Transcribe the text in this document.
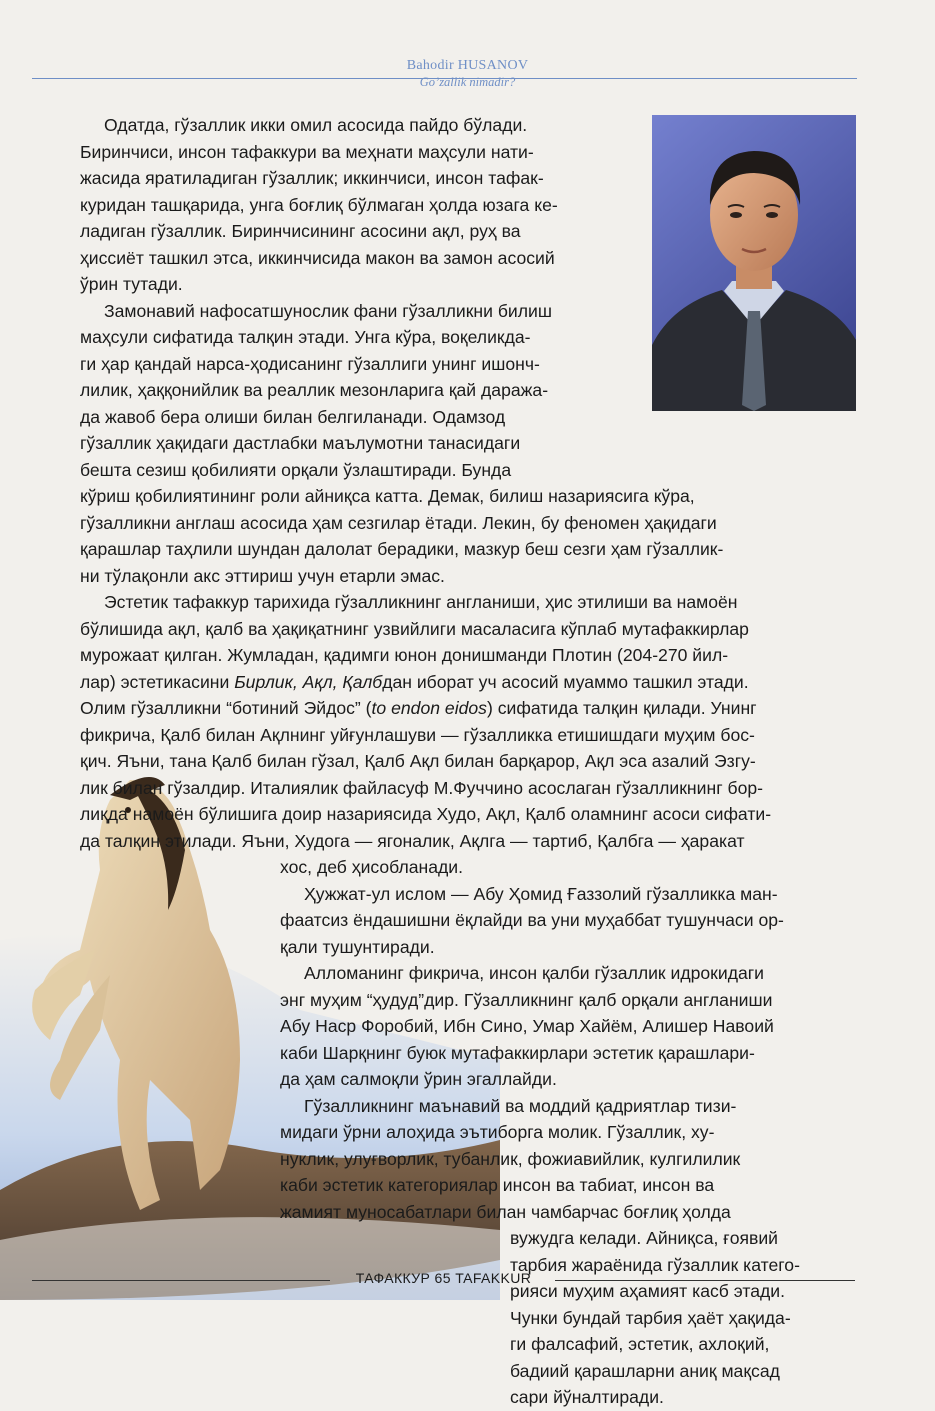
Bahodir HUSANOV
Go’zallik nimadir?

Одатда, гўзаллик икки омил асосида пайдо бўлади.
Биринчиси, инсон тафаккури ва меҳнати маҳсули нати-
жасида яратиладиган гўзаллик; иккинчиси, инсон тафак-
куридан ташқарида, унга боғлиқ бўлмаган ҳолда юзага ке-
ладиган гўзаллик. Биринчисининг асосини ақл, руҳ ва
ҳиссиёт ташкил этса, иккинчисида макон ва замон асосий
ўрин тутади.

Замонавий нафосатшунослик фани гўзалликни билиш
маҳсули сифатида талқин этади. Унга кўра, воқеликда-
ги ҳар қандай нарса-ҳодисанинг гўзаллиги унинг ишонч-
лилик, ҳаққонийлик ва реаллик мезонларига қай даража-
да жавоб бера олиши билан белгиланади. Одамзод
гўзаллик ҳақидаги дастлабки маълумотни танасидаги
бешта сезиш қобилияти орқали ўзлаштиради. Бунда
кўриш қобилиятининг роли айниқса катта. Демак, билиш назариясига кўра,
гўзалликни англаш асосида ҳам сезгилар ётади. Лекин, бу феномен ҳақидаги
қарашлар таҳлили шундан далолат берадики, мазкур беш сезги ҳам гўзаллик-
ни тўлақонли акс эттириш учун етарли эмас.

Эстетик тафаккур тарихида гўзалликнинг англаниши, ҳис этилиши ва намоён
бўлишида ақл, қалб ва ҳақиқатнинг узвийлиги масаласига кўплаб мутафаккирлар
мурожаат қилган. Жумладан, қадимги юнон донишманди Плотин (204-270 йил-
лар) эстетикасини Бирлик, Ақл, Қалбдан иборат уч асосий муаммо ташкил этади.
Олим гўзалликни “ботиний Эйдос” (to endon eidos) сифатида талқин қилади. Унинг
фикрича, Қалб билан Ақлнинг уйғунлашуви — гўзалликка етишишдаги муҳим бос-
қич. Яъни, тана Қалб билан гўзал, Қалб Ақл билан барқарор, Ақл эса азалий Эзгу-
лик билан гўзалдир. Италиялик файласуф М.Фуччино асослаган гўзалликнинг бор-
лиқда намоён бўлишига доир назариясида Худо, Ақл, Қалб оламнинг асоси сифати-
да талқин этилади. Яъни, Худога — ягоналик, Ақлга — тартиб, Қалбга — ҳаракат
хос, деб ҳисобланади.

Ҳужжат-ул ислом — Абу Ҳомид Ғаззолий гўзалликка ман-
фаатсиз ёндашишни ёқлайди ва уни муҳаббат тушунчаси ор-
қали тушунтиради.

Алломанинг фикрича, инсон қалби гўзаллик идрокидаги
энг муҳим “ҳудуд”дир. Гўзалликнинг қалб орқали англаниши
Абу Наср Форобий, Ибн Сино, Умар Хайём, Алишер Навоий
каби Шарқнинг буюк мутафаккирлари эстетик қарашлари-
да ҳам салмоқли ўрин эгаллайди.

Гўзалликнинг маънавий ва моддий қадриятлар тизи-
мидаги ўрни алоҳида эътиборга молик. Гўзаллик, ху-
нуклик, улуғворлик, тубанлик, фожиавийлик, кулгилилик
каби эстетик категориялар инсон ва табиат, инсон ва
жамият муносабатлари билан чамбарчас боғлиқ ҳолда
вужудга келади. Айниқса, ғоявий
тарбия жараёнида гўзаллик катего-
рияси муҳим аҳамият касб этади.
Чунки бундай тарбия ҳаёт ҳақида-
ги фалсафий, эстетик, ахлоқий,
бадиий қарашларни аниқ мақсад
сари йўналтиради.

ТАФАККУР 65 TAFAKKUR
